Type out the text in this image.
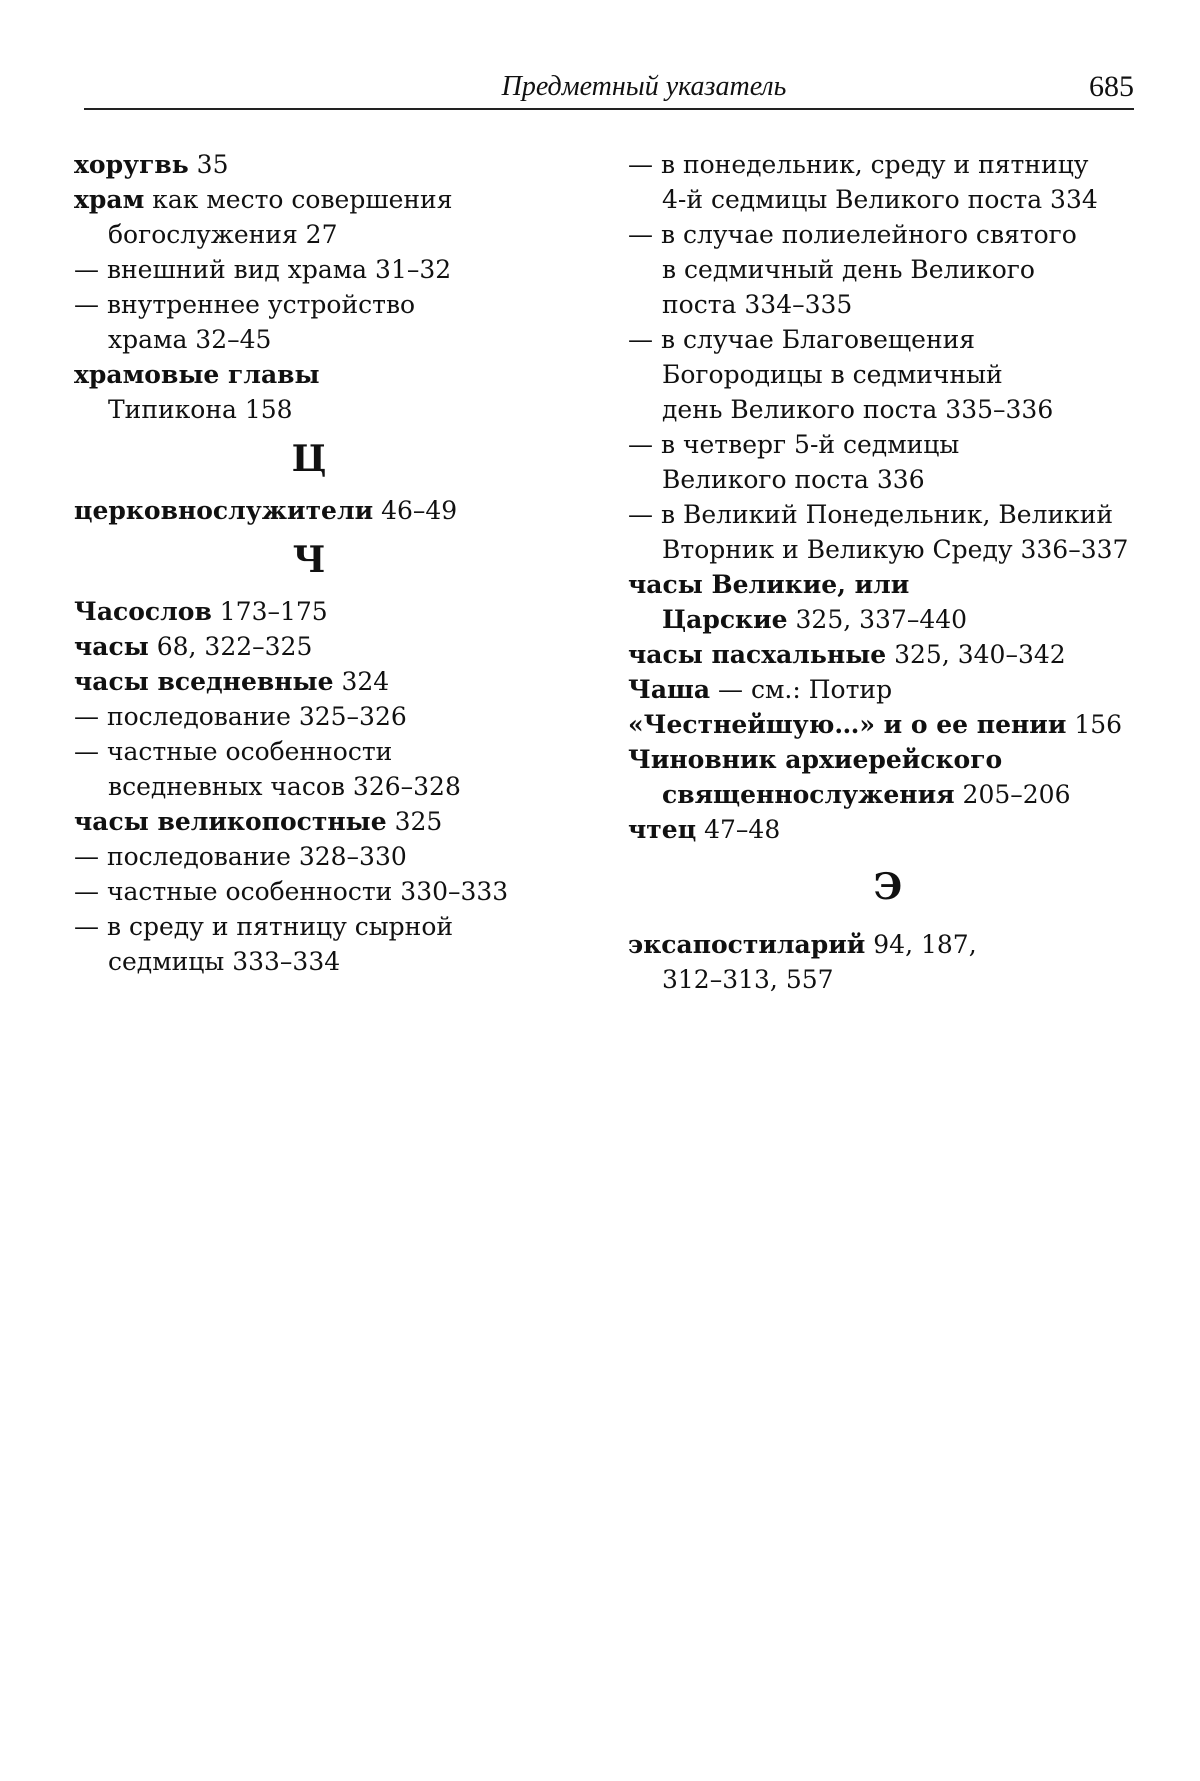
Предметный указатель	685
хоругвь 35
храм как место совершения
богослужения 27
— внешний вид храма 31–32
— внутреннее устройство
храма 32–45
храмовые главы
Типикона 158
Ц
церковнослужители 46–49
Ч
Часослов 173–175
часы 68, 322–325
часы вседневные 324
— последование 325–326
— частные особенности
вседневных часов 326–328
часы великопостные 325
— последование 328–330
— частные особенности 330–333
— в среду и пятницу сырной
седмицы 333–334
— в понедельник, среду и пятницу
4-й седмицы Великого поста 334
— в случае полиелейного святого
в седмичный день Великого
поста 334–335
— в случае Благовещения
Богородицы в седмичный
день Великого поста 335–336
— в четверг 5-й седмицы
Великого поста 336
— в Великий Понедельник, Великий
Вторник и Великую Среду 336–337
часы Великие, или
Царские 325, 337–440
часы пасхальные 325, 340–342
Чаша — см.: Потир
«Честнейшую…» и о ее пении 156
Чиновник архиерейского
священнослужения 205–206
чтец 47–48
Э
эксапостиларий 94, 187,
312–313, 557
